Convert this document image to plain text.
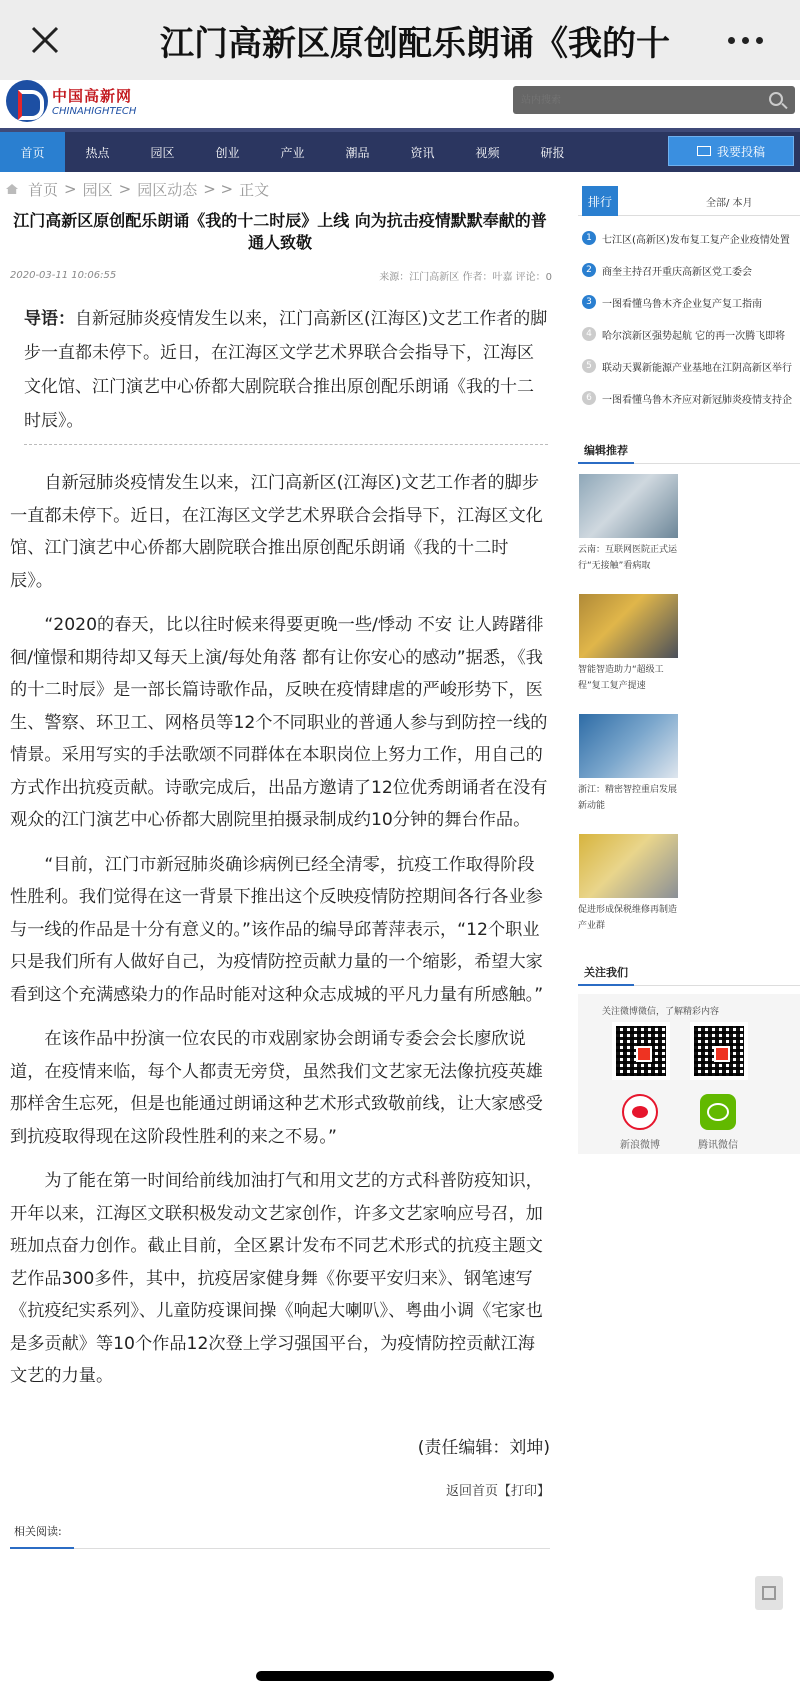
江门高新区原创配乐朗诵《我的十
中国高新网
CHINAHIGHTECH
站内搜索
首页	热点	园区	创业	产业	潮品	资讯	视频	研报	我要投稿
首页 > 园区 > 园区动态 > > 正文
江门高新区原创配乐朗诵《我的十二时辰》上线 向为抗击疫情默默奉献的普通人致敬
2020-03-11 10:06:55	来源：江门高新区 作者：叶嘉 评论：0
导语：自新冠肺炎疫情发生以来，江门高新区(江海区)文艺工作者的脚步一直都未停下。近日，在江海区文学艺术界联合会指导下，江海区文化馆、江门演艺中心侨都大剧院联合推出原创配乐朗诵《我的十二时辰》。

自新冠肺炎疫情发生以来，江门高新区(江海区)文艺工作者的脚步一直都未停下。近日，在江海区文学艺术界联合会指导下，江海区文化馆、江门演艺中心侨都大剧院联合推出原创配乐朗诵《我的十二时辰》。

“2020的春天，比以往时候来得要更晚一些/悸动 不安 让人踌躇徘徊/憧憬和期待却又每天上演/每处角落 都有让你安心的感动”据悉，《我的十二时辰》是一部长篇诗歌作品，反映在疫情肆虐的严峻形势下，医生、警察、环卫工、网格员等12个不同职业的普通人参与到防控一线的情景。采用写实的手法歌颂不同群体在本职岗位上努力工作，用自己的方式作出抗疫贡献。诗歌完成后，出品方邀请了12位优秀朗诵者在没有观众的江门演艺中心侨都大剧院里拍摄录制成约10分钟的舞台作品。

“目前，江门市新冠肺炎确诊病例已经全清零，抗疫工作取得阶段性胜利。我们觉得在这一背景下推出这个反映疫情防控期间各行各业参与一线的作品是十分有意义的。”该作品的编导邱菁萍表示，“12个职业只是我们所有人做好自己，为疫情防控贡献力量的一个缩影，希望大家看到这个充满感染力的作品时能对这种众志成城的平凡力量有所感触。”

在该作品中扮演一位农民的市戏剧家协会朗诵专委会会长廖欣说道，在疫情来临，每个人都责无旁贷，虽然我们文艺家无法像抗疫英雄那样舍生忘死，但是也能通过朗诵这种艺术形式致敬前线，让大家感受到抗疫取得现在这阶段性胜利的来之不易。”

为了能在第一时间给前线加油打气和用文艺的方式科普防疫知识，开年以来，江海区文联积极发动文艺家创作，许多文艺家响应号召，加班加点奋力创作。截止目前，全区累计发布不同艺术形式的抗疫主题文艺作品300多件，其中，抗疫居家健身舞《你要平安归来》、钢笔速写《抗疫纪实系列》、儿童防疫课间操《响起大喇叭》、粤曲小调《宅家也是多贡献》等10个作品12次登上学习强国平台，为疫情防控贡献江海文艺的力量。

(责任编辑：刘坤)
返回首页【打印】
相关阅读:
排行	全部/ 本月
1	七江区(高新区)发布复工复产企业疫情处置
2	商奎主持召开重庆高新区党工委会
3	一图看懂乌鲁木齐企业复产复工指南
4	哈尔滨新区强势起航 它的再一次腾飞即将
5	联动天翼新能源产业基地在江阴高新区举行
6	一图看懂乌鲁木齐应对新冠肺炎疫情支持企
编辑推荐
云南：互联网医院正式运行“无接触”看病取
智能智造助力“超级工程”复工复产提速
浙江：精密智控重启发展新动能
促进形成保税维修再制造产业群
关注我们
关注微博微信，了解精彩内容
新浪微博	腾讯微信
